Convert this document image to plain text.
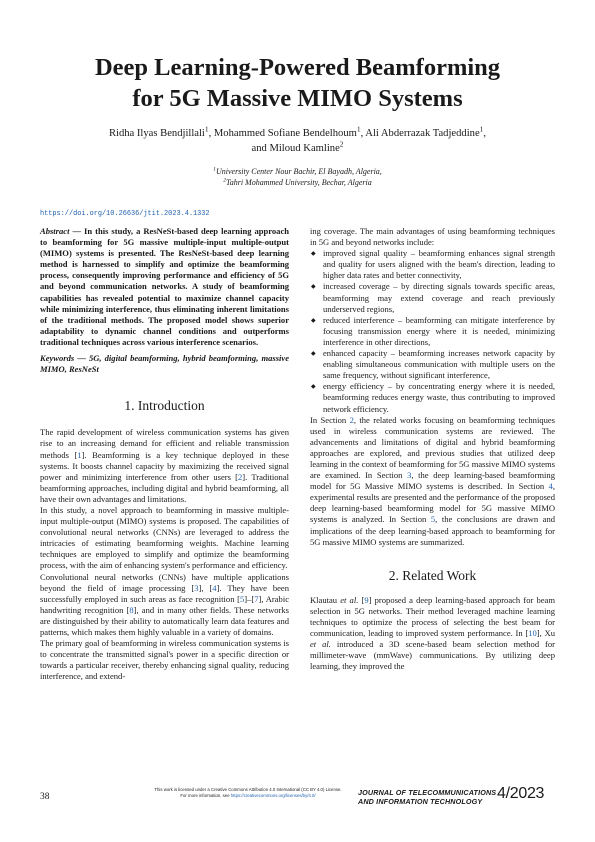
Deep Learning-Powered Beamforming
for 5G Massive MIMO Systems
Ridha Ilyas Bendjillali$^1$, Mohammed Sofiane Bendelhoum$^1$, Ali Abderrazak Tadjeddine$^1$,
and Miloud Kamline$^2$
$^1$University Center Nour Bachir, El Bayadh, Algeria,
$^2$Tahri Mohammed University, Bechar, Algeria
https://doi.org/10.26636/jtit.2023.4.1332

Abstract — In this study, a ResNeSt-based deep learning approach to beamforming for 5G massive multiple-input multiple-output (MIMO) systems is presented. The ResNeSt-based deep learning method is harnessed to simplify and optimize the beamforming process, consequently improving performance and efficiency of 5G and beyond communication networks. A study of beamforming capabilities has revealed potential to maximize channel capacity while minimizing interference, thus eliminating inherent limitations of the traditional methods. The proposed model shows superior adaptability to dynamic channel conditions and outperforms traditional techniques across various interference scenarios.

Keywords — 5G, digital beamforming, hybrid beamforming, massive MIMO, ResNeSt

1. Introduction

The rapid development of wireless communication systems has given rise to an increasing demand for efficient and reliable transmission methods [1]. Beamforming is a key technique deployed in these systems. It boosts channel capacity by maximizing the received signal power and minimizing interference from other users [2]. Traditional beamforming approaches, including digital and hybrid beamforming, all have their own advantages and limitations.

In this study, a novel approach to beamforming in massive multiple-input multiple-output (MIMO) systems is proposed. The capabilities of convolutional neural networks (CNNs) are leveraged to address the intricacies of estimating beamforming weights. Machine learning techniques are employed to simplify and optimize the beamforming process, with the aim of enhancing system's performance and efficiency.

Convolutional neural networks (CNNs) have multiple applications beyond the field of image processing [3], [4]. They have been successfully employed in such areas as face recognition [5]–[7], Arabic handwriting recognition [8], and in many other fields. These networks are distinguished by their ability to automatically learn data features and patterns, which makes them highly valuable in a variety of domains.

The primary goal of beamforming in wireless communication systems is to concentrate the transmitted signal's power in a specific direction or towards a particular receiver, thereby enhancing signal quality, reducing interference, and extend-

ing coverage. The main advantages of using beamforming techniques in 5G and beyond networks include:

◆ improved signal quality – beamforming enhances signal strength and quality for users aligned with the beam's direction, leading to higher data rates and better connectivity,
◆ increased coverage – by directing signals towards specific areas, beamforming may extend coverage and reach previously underserved regions,
◆ reduced interference – beamforming can mitigate interference by focusing transmission energy where it is needed, minimizing interference in other directions,
◆ enhanced capacity – beamforming increases network capacity by enabling simultaneous communication with multiple users on the same frequency, without significant interference,
◆ energy efficiency – by concentrating energy where it is needed, beamforming reduces energy waste, thus contributing to improved network efficiency.

In Section 2, the related works focusing on beamforming techniques used in wireless communication systems are reviewed. The advancements and limitations of digital and hybrid beamforming approaches are explored, and previous studies that utilized deep learning in the context of beamforming for 5G massive MIMO systems are examined. In Section 3, the deep learning-based beamforming model for 5G Massive MIMO systems is described. In Section 4, experimental results are presented and the performance of the proposed deep learning-based beamforming model for 5G massive MIMO systems is analyzed. In Section 5, the conclusions are drawn and implications of the deep learning-based approach to beamforming for 5G massive MIMO systems are summarized.

2. Related Work

Klautau et al. [9] proposed a deep learning-based approach for beam selection in 5G networks. Their method leveraged machine learning techniques to optimize the process of selecting the best beam for communication, leading to improved system performance. In [10], Xu et al. introduced a 3D scene-based beam selection method for millimeter-wave (mmWave) communications. By utilizing deep learning, they improved the

38
This work is licensed under a Creative Commons Attribution 4.0 International (CC BY 4.0) License.
For more information, see https://creativecommons.org/licenses/by/4.0/	JOURNAL OF TELECOMMUNICATIONS
AND INFORMATION TECHNOLOGY 4/2023
